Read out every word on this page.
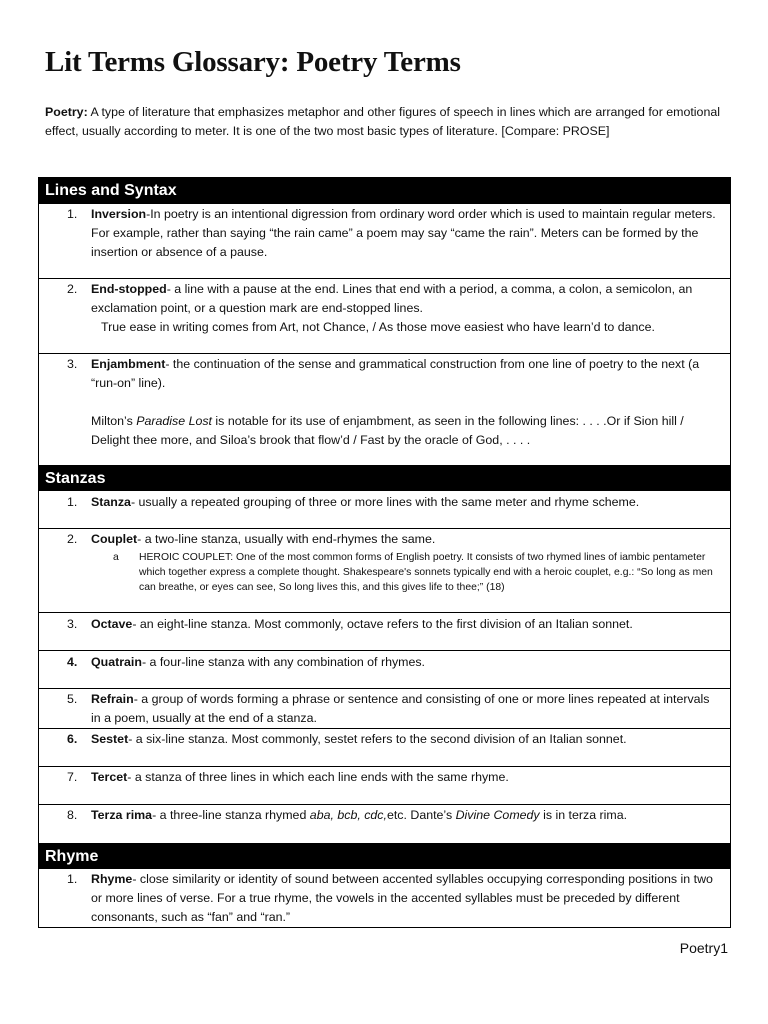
Lit Terms Glossary: Poetry Terms

Poetry: A type of literature that emphasizes metaphor and other figures of speech in lines which are arranged for emotional effect, usually according to meter. It is one of the two most basic types of literature. [Compare: PROSE]

Lines and Syntax
1. Inversion-In poetry is an intentional digression from ordinary word order which is used to maintain regular meters. For example, rather than saying “the rain came” a poem may say “came the rain”. Meters can be formed by the insertion or absence of a pause.
2. End-stopped- a line with a pause at the end. Lines that end with a period, a comma, a colon, a semicolon, an exclamation point, or a question mark are end-stopped lines.
True ease in writing comes from Art, not Chance, / As those move easiest who have learn’d to dance.
3. Enjambment- the continuation of the sense and grammatical construction from one line of poetry to the next (a “run-on” line).
Milton’s Paradise Lost is notable for its use of enjambment, as seen in the following lines: . . . .Or if Sion hill / Delight thee more, and Siloa’s brook that flow’d / Fast by the oracle of God, . . . .
Stanzas
1. Stanza- usually a repeated grouping of three or more lines with the same meter and rhyme scheme.
2. Couplet- a two-line stanza, usually with end-rhymes the same.
a HEROIC COUPLET: One of the most common forms of English poetry. It consists of two rhymed lines of iambic pentameter which together express a complete thought. Shakespeare's sonnets typically end with a heroic couplet, e.g.: “So long as men can breathe, or eyes can see, So long lives this, and this gives life to thee;” (18)
3. Octave- an eight-line stanza. Most commonly, octave refers to the first division of an Italian sonnet.
4. Quatrain- a four-line stanza with any combination of rhymes.
5. Refrain- a group of words forming a phrase or sentence and consisting of one or more lines repeated at intervals in a poem, usually at the end of a stanza.
6. Sestet- a six-line stanza. Most commonly, sestet refers to the second division of an Italian sonnet.
7. Tercet- a stanza of three lines in which each line ends with the same rhyme.
8. Terza rima- a three-line stanza rhymed aba, bcb, cdc,etc. Dante’s Divine Comedy is in terza rima.
Rhyme
1. Rhyme- close similarity or identity of sound between accented syllables occupying corresponding positions in two or more lines of verse. For a true rhyme, the vowels in the accented syllables must be preceded by different consonants, such as “fan” and “ran.”
Poetry1
